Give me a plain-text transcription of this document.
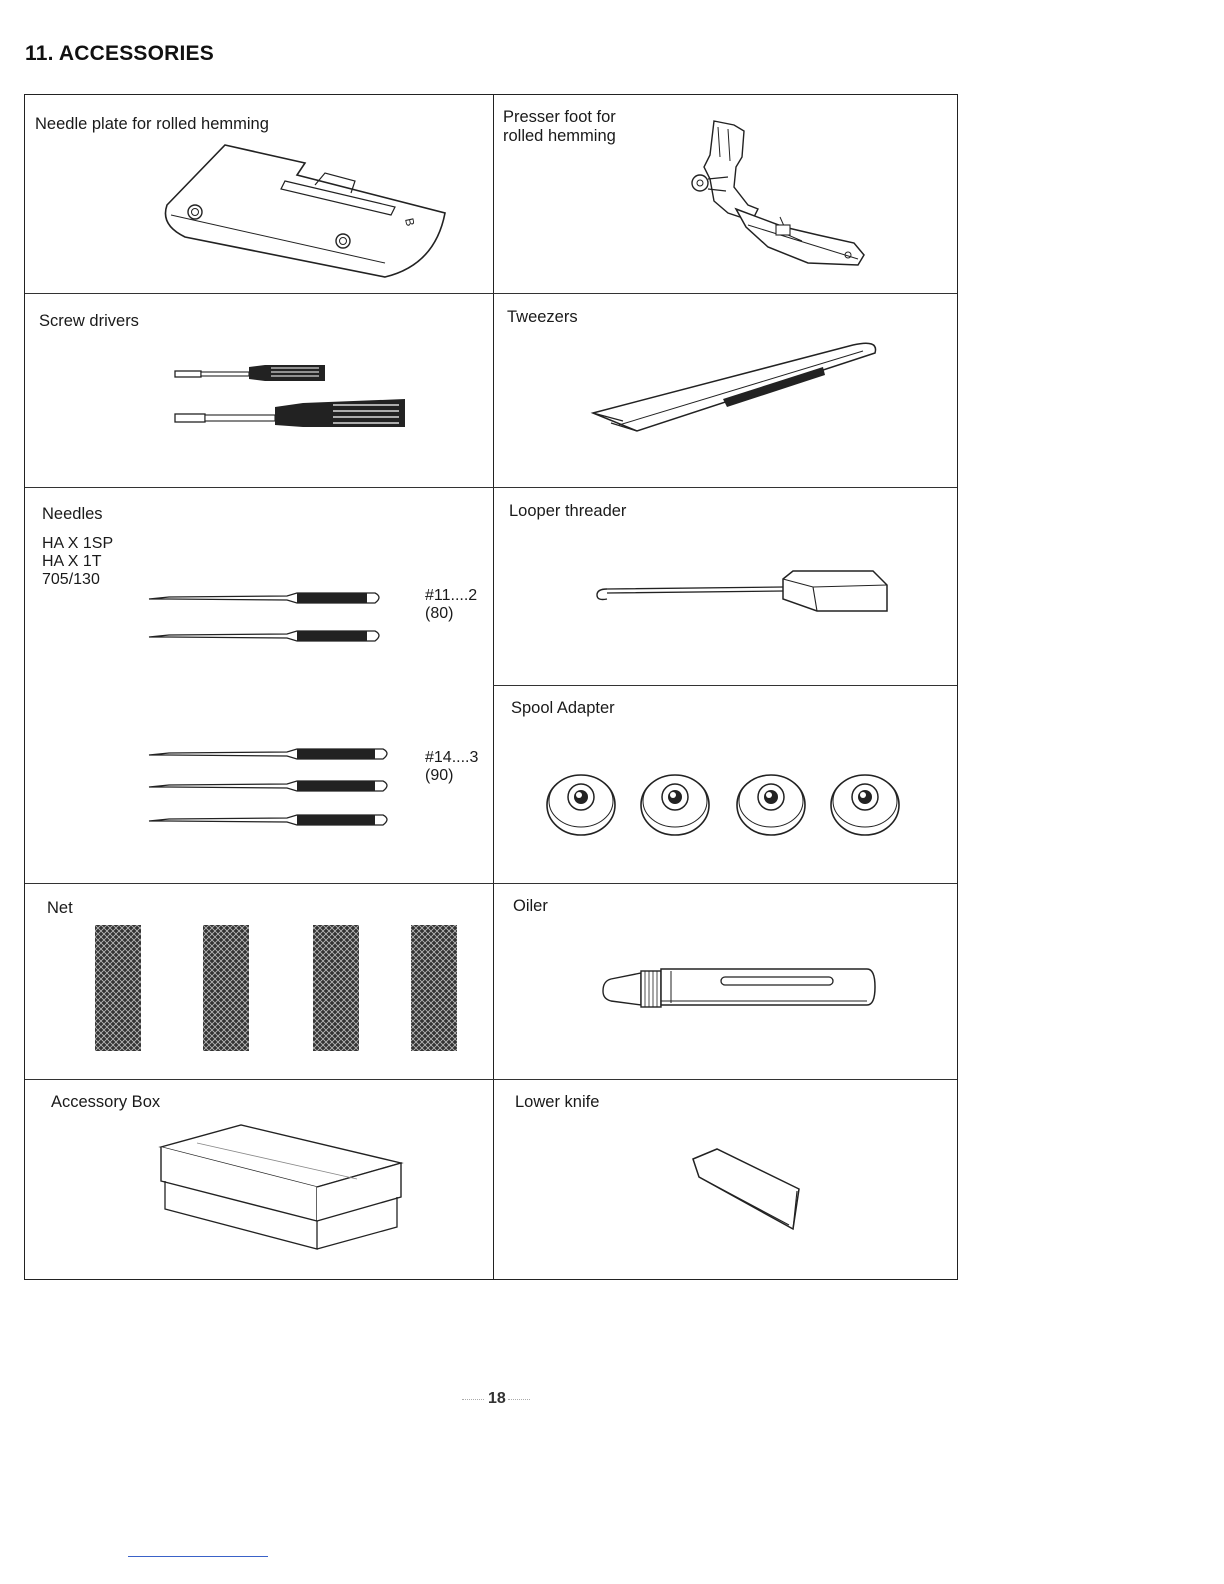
11. ACCESSORIES
Needle plate for rolled hemming
B
Presser foot for
rolled hemming
Screw drivers	Tweezers
Needles
HA X 1SP
HA X 1T
705/130
#11....2
(80)
#14....3
(90)
Looper threader
Spool Adapter
Net	Oiler
Accessory Box	Lower knife
18
